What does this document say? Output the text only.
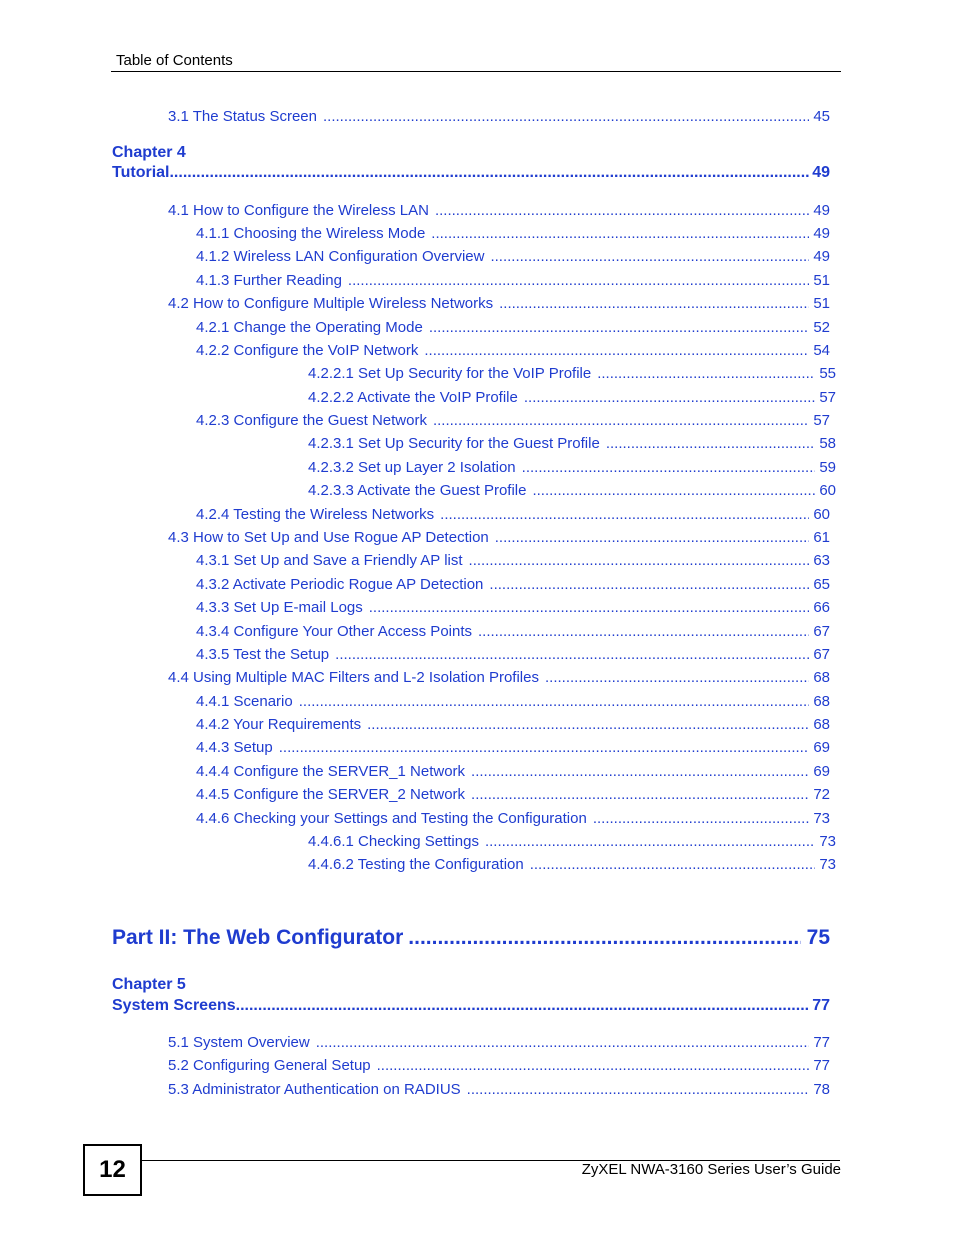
Table of Contents
3.1 The Status Screen .....	45
Chapter 4
Tutorial .....	49
4.1 How to Configure the Wireless LAN .....	49
4.1.1 Choosing the Wireless Mode .....	49
4.1.2 Wireless LAN Configuration Overview .....	49
4.1.3 Further Reading .....	51
4.2 How to Configure Multiple Wireless Networks .....	51
4.2.1 Change the Operating Mode .....	52
4.2.2 Configure the VoIP Network .....	54
4.2.2.1 Set Up Security for the VoIP Profile .....	55
4.2.2.2 Activate the VoIP Profile .....	57
4.2.3 Configure the Guest Network .....	57
4.2.3.1 Set Up Security for the Guest Profile .....	58
4.2.3.2 Set up Layer 2 Isolation .....	59
4.2.3.3 Activate the Guest Profile .....	60
4.2.4 Testing the Wireless Networks .....	60
4.3 How to Set Up and Use Rogue AP Detection .....	61
4.3.1 Set Up and Save a Friendly AP list .....	63
4.3.2 Activate Periodic Rogue AP Detection .....	65
4.3.3 Set Up E-mail Logs .....	66
4.3.4 Configure Your Other Access Points .....	67
4.3.5 Test the Setup .....	67
4.4 Using Multiple MAC Filters and L-2 Isolation Profiles .....	68
4.4.1 Scenario .....	68
4.4.2 Your Requirements .....	68
4.4.3 Setup .....	69
4.4.4 Configure the SERVER_1 Network .....	69
4.4.5 Configure the SERVER_2 Network .....	72
4.4.6 Checking your Settings and Testing the Configuration .....	73
4.4.6.1 Checking Settings .....	73
4.4.6.2 Testing the Configuration .....	73
Part II: The Web Configurator .....	75
Chapter 5
System Screens .....	77
5.1 System Overview .....	77
5.2 Configuring General Setup .....	77
5.3 Administrator Authentication on RADIUS .....	78
12	ZyXEL NWA-3160 Series User’s Guide
